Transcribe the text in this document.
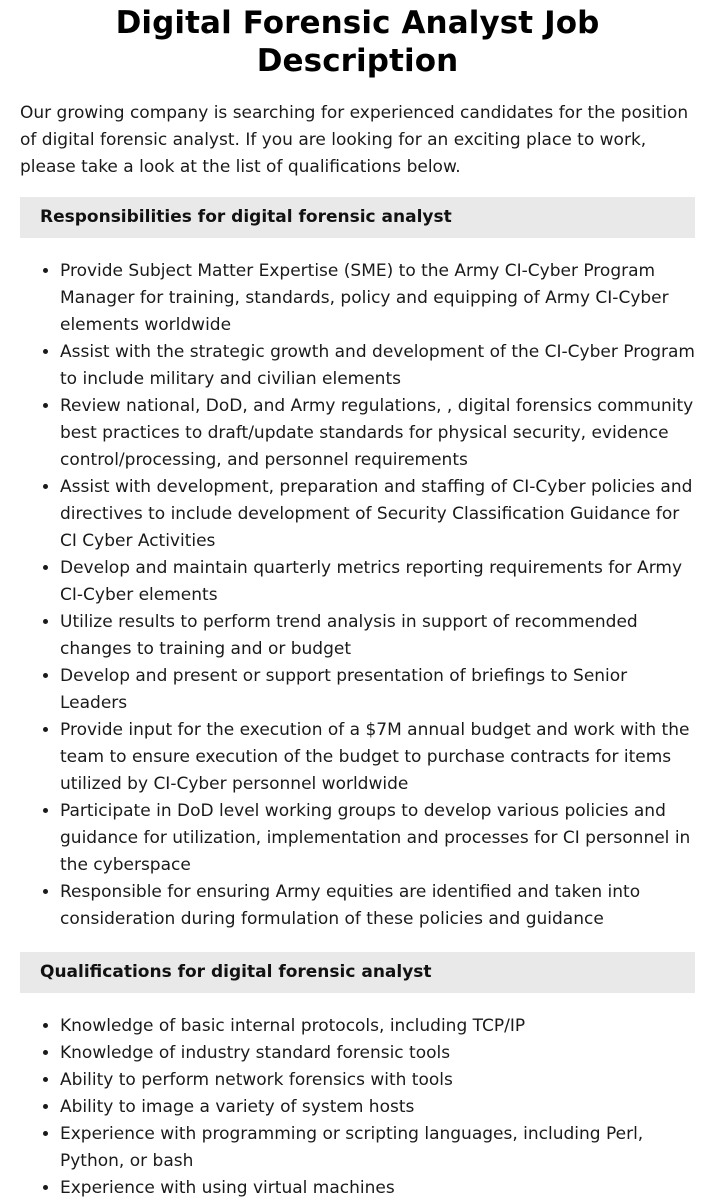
Digital Forensic Analyst Job Description

Our growing company is searching for experienced candidates for the position of digital forensic analyst. If you are looking for an exciting place to work, please take a look at the list of qualifications below.

Responsibilities for digital forensic analyst
• Provide Subject Matter Expertise (SME) to the Army CI-Cyber Program Manager for training, standards, policy and equipping of Army CI-Cyber elements worldwide
• Assist with the strategic growth and development of the CI-Cyber Program to include military and civilian elements
• Review national, DoD, and Army regulations, , digital forensics community best practices to draft/update standards for physical security, evidence control/processing, and personnel requirements
• Assist with development, preparation and staffing of CI-Cyber policies and directives to include development of Security Classification Guidance for CI Cyber Activities
• Develop and maintain quarterly metrics reporting requirements for Army CI-Cyber elements
• Utilize results to perform trend analysis in support of recommended changes to training and or budget
• Develop and present or support presentation of briefings to Senior Leaders
• Provide input for the execution of a $7M annual budget and work with the team to ensure execution of the budget to purchase contracts for items utilized by CI-Cyber personnel worldwide
• Participate in DoD level working groups to develop various policies and guidance for utilization, implementation and processes for CI personnel in the cyberspace
• Responsible for ensuring Army equities are identified and taken into consideration during formulation of these policies and guidance
Qualifications for digital forensic analyst
• Knowledge of basic internal protocols, including TCP/IP
• Knowledge of industry standard forensic tools
• Ability to perform network forensics with tools
• Ability to image a variety of system hosts
• Experience with programming or scripting languages, including Perl, Python, or bash
• Experience with using virtual machines
